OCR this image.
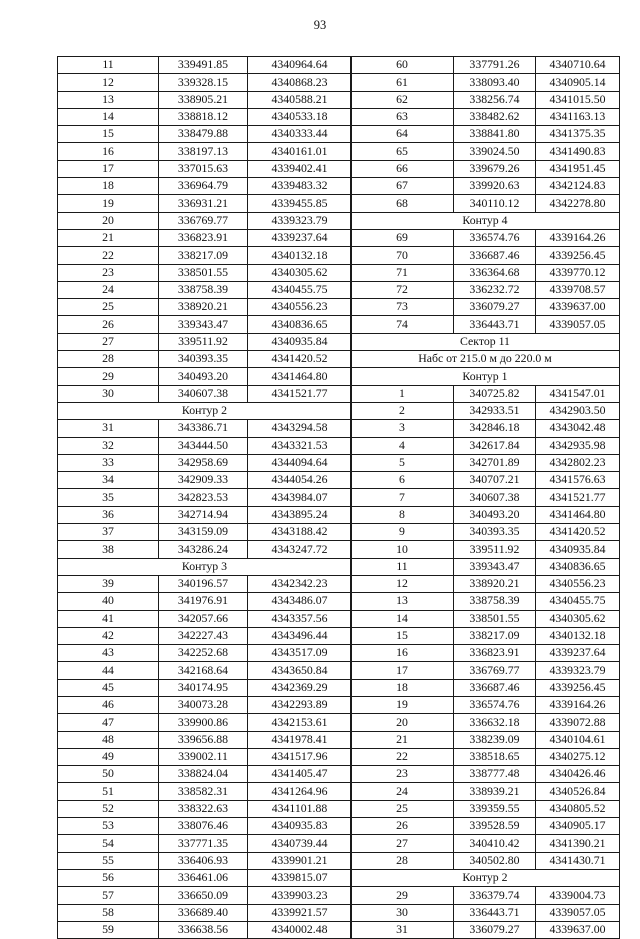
93
11	339491.85	4340964.64
12	339328.15	4340868.23
13	338905.21	4340588.21
14	338818.12	4340533.18
15	338479.88	4340333.44
16	338197.13	4340161.01
17	337015.63	4339402.41
18	336964.79	4339483.32
19	336931.21	4339455.85
20	336769.77	4339323.79
21	336823.91	4339237.64
22	338217.09	4340132.18
23	338501.55	4340305.62
24	338758.39	4340455.75
25	338920.21	4340556.23
26	339343.47	4340836.65
27	339511.92	4340935.84
28	340393.35	4341420.52
29	340493.20	4341464.80
30	340607.38	4341521.77
Контур 2		
31	343386.71	4343294.58
32	343444.50	4343321.53
33	342958.69	4344094.64
34	342909.33	4344054.26
35	342823.53	4343984.07
36	342714.94	4343895.24
37	343159.09	4343188.42
38	343286.24	4343247.72
Контур 3		
39	340196.57	4342342.23
40	341976.91	4343486.07
41	342057.66	4343357.56
42	342227.43	4343496.44
43	342252.68	4343517.09
44	342168.64	4343650.84
45	340174.95	4342369.29
46	340073.28	4342293.89
47	339900.86	4342153.61
48	339656.88	4341978.41
49	339002.11	4341517.96
50	338824.04	4341405.47
51	338582.31	4341264.96
52	338322.63	4341101.88
53	338076.46	4340935.83
54	337771.35	4340739.44
55	336406.93	4339901.21
56	336461.06	4339815.07
57	336650.09	4339903.23
58	336689.40	4339921.57
59	336638.56	4340002.48
60	337791.26	4340710.64
61	338093.40	4340905.14
62	338256.74	4341015.50
63	338482.62	4341163.13
64	338841.80	4341375.35
65	339024.50	4341490.83
66	339679.26	4341951.45
67	339920.63	4342124.83
68	340110.12	4342278.80
Контур 4		
69	336574.76	4339164.26
70	336687.46	4339256.45
71	336364.68	4339770.12
72	336232.72	4339708.57
73	336079.27	4339637.00
74	336443.71	4339057.05
Сектор 11		
Набс от 215.0 м до 220.0 м		
Контур 1		
1	340725.82	4341547.01
2	342933.51	4342903.50
3	342846.18	4343042.48
4	342617.84	4342935.98
5	342701.89	4342802.23
6	340707.21	4341576.63
7	340607.38	4341521.77
8	340493.20	4341464.80
9	340393.35	4341420.52
10	339511.92	4340935.84
11	339343.47	4340836.65
12	338920.21	4340556.23
13	338758.39	4340455.75
14	338501.55	4340305.62
15	338217.09	4340132.18
16	336823.91	4339237.64
17	336769.77	4339323.79
18	336687.46	4339256.45
19	336574.76	4339164.26
20	336632.18	4339072.88
21	338239.09	4340104.61
22	338518.65	4340275.12
23	338777.48	4340426.46
24	338939.21	4340526.84
25	339359.55	4340805.52
26	339528.59	4340905.17
27	340410.42	4341390.21
28	340502.80	4341430.71
Контур 2		
29	336379.74	4339004.73
30	336443.71	4339057.05
31	336079.27	4339637.00
